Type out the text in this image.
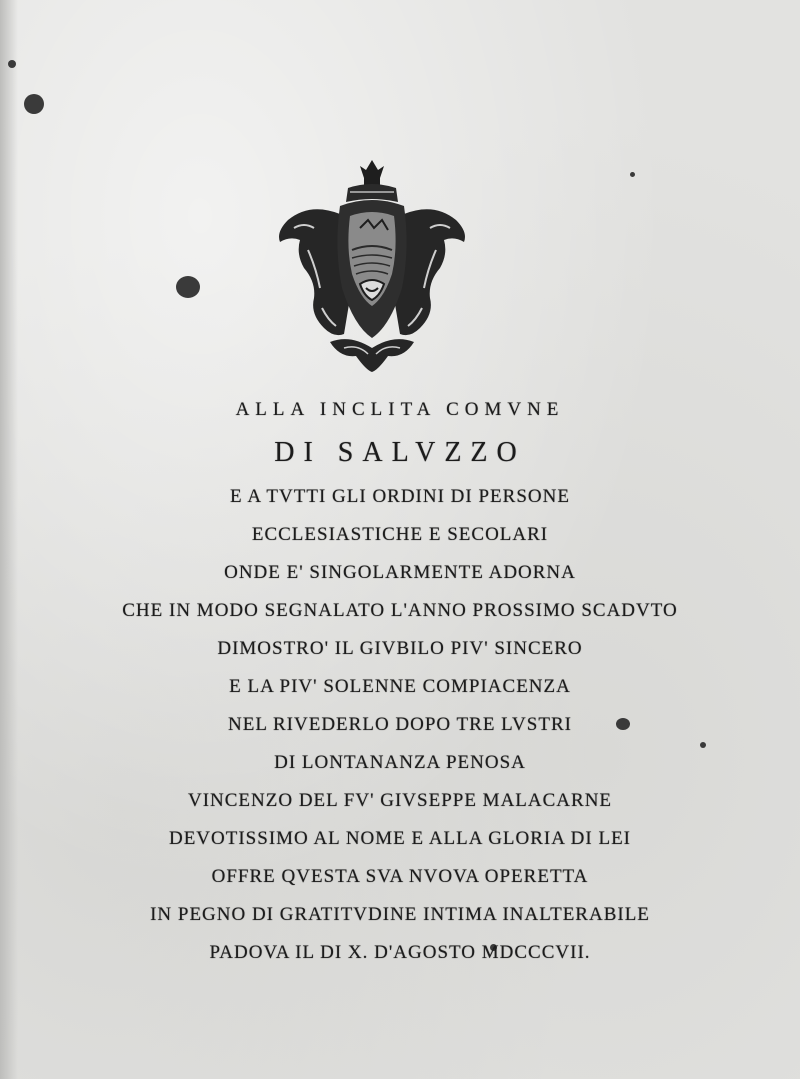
ALLA INCLITA COMVNE
DI SALVZZO
E A TVTTI GLI ORDINI DI PERSONE
ECCLESIASTICHE E SECOLARI
ONDE E' SINGOLARMENTE ADORNA
CHE IN MODO SEGNALATO L'ANNO PROSSIMO SCADVTO
DIMOSTRO' IL GIVBILO PIV' SINCERO
E LA PIV' SOLENNE COMPIACENZA
NEL RIVEDERLO DOPO TRE LVSTRI
DI LONTANANZA PENOSA
VINCENZO DEL FV' GIVSEPPE MALACARNE
DEVOTISSIMO AL NOME E ALLA GLORIA DI LEI
OFFRE QVESTA SVA NVOVA OPERETTA
IN PEGNO DI GRATITVDINE INTIMA INALTERABILE
PADOVA IL DI X. D'AGOSTO MDCCCVII.
